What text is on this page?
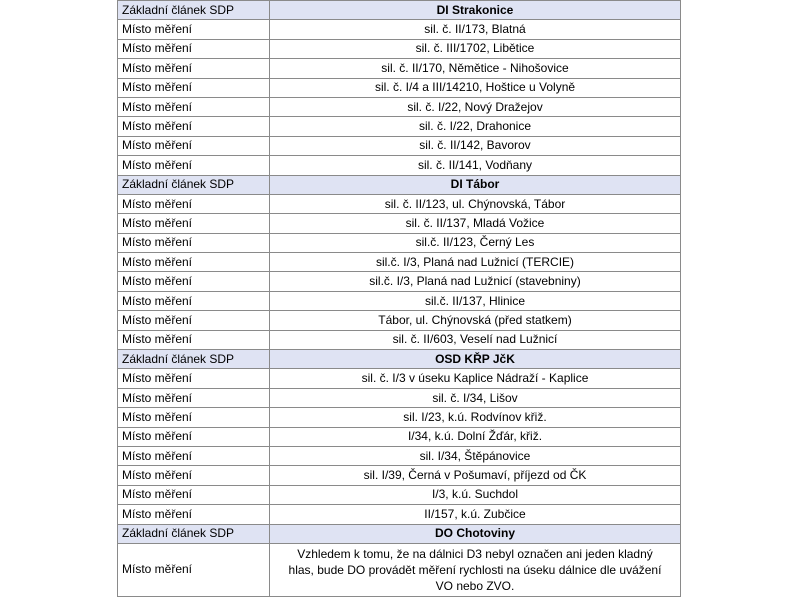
Základní článek SDP	DI Strakonice
Místo měření	sil. č. II/173, Blatná
Místo měření	sil. č. III/1702, Libětice
Místo měření	sil. č. II/170, Němětice - Nihošovice
Místo měření	sil. č. I/4 a III/14210, Hoštice u Volyně
Místo měření	sil. č. I/22, Nový Dražejov
Místo měření	sil. č. I/22, Drahonice
Místo měření	sil. č. II/142, Bavorov
Místo měření	sil. č. II/141, Vodňany
Základní článek SDP	DI Tábor
Místo měření	sil. č. II/123, ul. Chýnovská, Tábor
Místo měření	sil. č. II/137, Mladá Vožice
Místo měření	sil.č. II/123, Černý Les
Místo měření	sil.č. I/3, Planá nad Lužnicí (TERCIE)
Místo měření	sil.č. I/3, Planá nad Lužnicí (stavebniny)
Místo měření	sil.č. II/137, Hlinice
Místo měření	Tábor, ul. Chýnovská (před statkem)
Místo měření	sil. č. II/603, Veselí nad Lužnicí
Základní článek SDP	OSD KŘP JčK
Místo měření	sil. č. I/3 v úseku Kaplice Nádraží - Kaplice
Místo měření	sil. č. I/34, Lišov
Místo měření	sil. I/23, k.ú. Rodvínov křiž.
Místo měření	I/34, k.ú. Dolní Žďár, křiž.
Místo měření	sil. I/34, Štěpánovice
Místo měření	sil. I/39, Černá v Pošumaví, příjezd od ČK
Místo měření	I/3, k.ú. Suchdol
Místo měření	II/157, k.ú. Zubčice
Základní článek SDP	DO Chotoviny
Místo měření	Vzhledem k tomu, že na dálnici D3 nebyl označen ani jeden kladný hlas, bude DO provádět měření rychlosti na úseku dálnice dle uvážení VO nebo ZVO.
